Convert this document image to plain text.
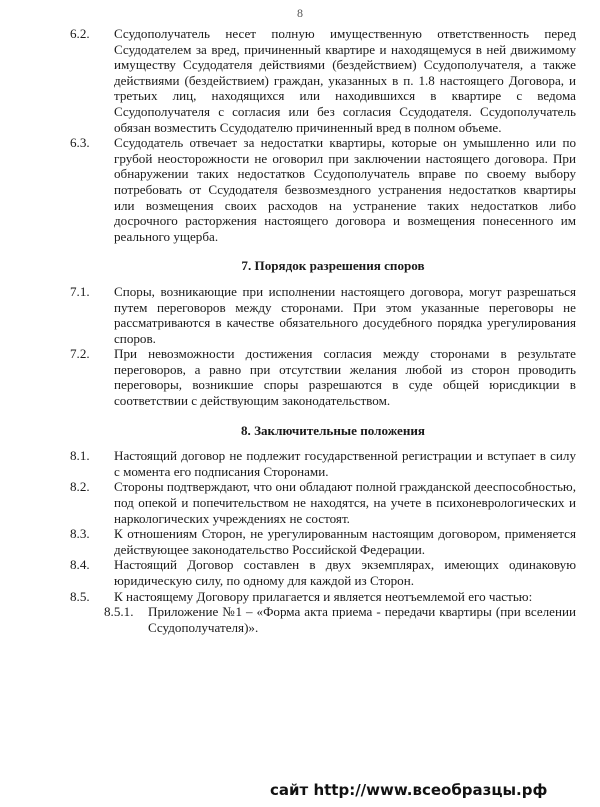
8
6.2.	Ссудополучатель несет полную имущественную ответственность перед Ссудодателем за вред, причиненный квартире и находящемуся в ней движимому имуществу Ссудодателя действиями (бездействием) Ссудополучателя, а также действиями (бездействием) граждан, указанных в п. 1.8 настоящего Договора, и третьих лиц, находящихся или находившихся в квартире с ведома Ссудополучателя с согласия или без согласия Ссудодателя. Ссудополучатель обязан возместить Ссудодателю причиненный вред в полном объеме.
6.3.	Ссудодатель отвечает за недостатки квартиры, которые он умышленно или по грубой неосторожности не оговорил при заключении настоящего договора. При обнаружении таких недостатков Ссудополучатель вправе по своему выбору потребовать от Ссудодателя безвозмездного устранения недостатков квартиры или возмещения своих расходов на устранение таких недостатков либо досрочного расторжения настоящего договора и возмещения понесенного им реального ущерба.
7. Порядок разрешения споров
7.1.	Споры, возникающие при исполнении настоящего договора, могут разрешаться путем переговоров между сторонами. При этом указанные переговоры не рассматриваются в качестве обязательного досудебного порядка урегулирования споров.
7.2.	При невозможности достижения согласия между сторонами в результате переговоров, а равно при отсутствии желания любой из сторон проводить переговоры, возникшие споры разрешаются в суде общей юрисдикции в соответствии с действующим законодательством.
8. Заключительные положения
8.1.	Настоящий договор не подлежит государственной регистрации и вступает в силу с момента его подписания Сторонами.
8.2.	Стороны подтверждают, что они обладают полной гражданской дееспособностью, под опекой и попечительством не находятся, на учете в психоневрологических и наркологических учреждениях не состоят.
8.3.	К отношениям Сторон, не урегулированным настоящим договором, применяется действующее законодательство Российской Федерации.
8.4.	Настоящий Договор составлен в двух экземплярах, имеющих одинаковую юридическую силу, по одному для каждой из Сторон.
8.5.	К настоящему Договору прилагается и является неотъемлемой его частью:
8.5.1.	Приложение №1 – «Форма акта приема - передачи квартиры (при вселении Ссудополучателя)».
сайт http://www.всеобразцы.рф
